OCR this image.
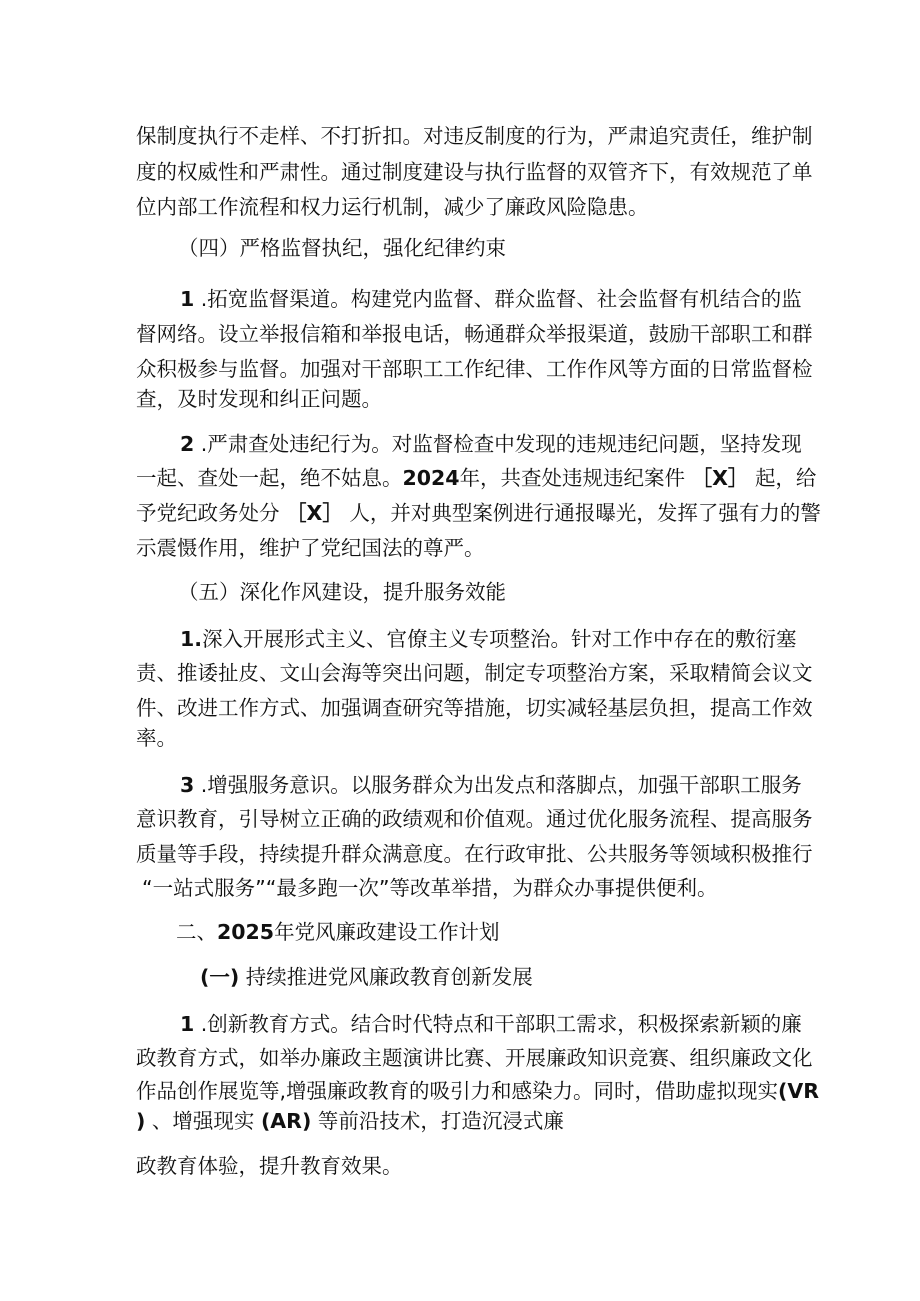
保制度执行不走样、不打折扣。对违反制度的行为，严肃追究责任，维护制

度的权威性和严肃性。通过制度建设与执行监督的双管齐下，有效规范了单

位内部工作流程和权力运行机制，减少了廉政风险隐患。

（四）严格监督执纪，强化纪律约束

1 .拓宽监督渠道。构建党内监督、群众监督、社会监督有机结合的监

督网络。设立举报信箱和举报电话，畅通群众举报渠道，鼓励干部职工和群

众积极参与监督。加强对干部职工工作纪律、工作作风等方面的日常监督检

查，及时发现和纠正问题。

2 .严肃查处违纪行为。对监督检查中发现的违规违纪问题，坚持发现

一起、查处一起，绝不姑息。2024年，共查处违规违纪案件 ［X］ 起，给

予党纪政务处分 ［X］ 人，并对典型案例进行通报曝光，发挥了强有力的警

示震慑作用，维护了党纪国法的尊严。

（五）深化作风建设，提升服务效能

1.深入开展形式主义、官僚主义专项整治。针对工作中存在的敷衍塞

责、推诿扯皮、文山会海等突出问题，制定专项整治方案，采取精简会议文

件、改进工作方式、加强调查研究等措施，切实减轻基层负担，提高工作效

率。

3 .增强服务意识。以服务群众为出发点和落脚点，加强干部职工服务

意识教育，引导树立正确的政绩观和价值观。通过优化服务流程、提高服务

质量等手段，持续提升群众满意度。在行政审批、公共服务等领域积极推行

“一站式服务”“最多跑一次”等改革举措，为群众办事提供便利。

二、2025年党风廉政建设工作计划

(一) 持续推进党风廉政教育创新发展

1 .创新教育方式。结合时代特点和干部职工需求，积极探索新颖的廉

政教育方式，如举办廉政主题演讲比赛、开展廉政知识竞赛、组织廉政文化

作品创作展览等,增强廉政教育的吸引力和感染力。同时，借助虚拟现实(VR

) 、增强现实 (AR) 等前沿技术，打造沉浸式廉

政教育体验，提升教育效果。
